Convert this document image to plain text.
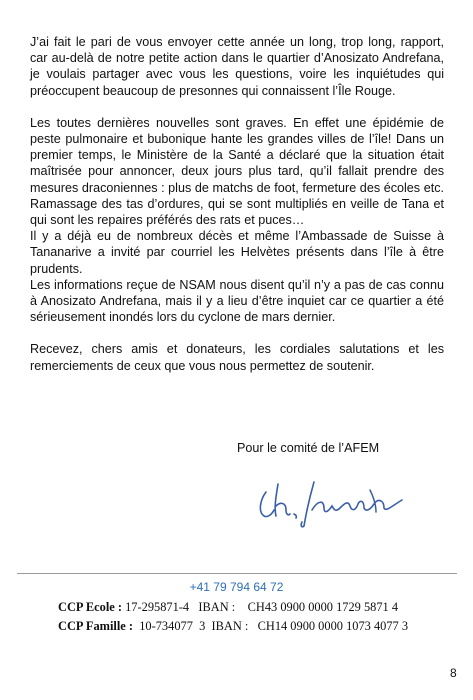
J’ai fait le pari de vous envoyer cette année un long, trop long, rapport, car au-delà de notre petite action dans le quartier d’Anosizato Andrefana, je voulais partager avec vous les questions, voire les inquiétudes qui préoccupent beaucoup de presonnes qui connaissent l’Île Rouge.

Les toutes dernières nouvelles sont graves. En effet une épidémie de peste pulmonaire et bubonique hante les grandes villes de l’île! Dans un premier temps, le Ministère de la Santé a déclaré que la situation était maîtrisée pour annoncer, deux jours plus tard, qu’il fallait prendre des mesures draconiennes : plus de matchs de foot, fermeture des écoles etc. Ramassage des tas d’ordures, qui se sont multipliés en veille de Tana et qui sont les repaires préférés des rats et puces…

Il y a déjà eu de nombreux décès et même l’Ambassade de Suisse à Tananarive a invité par courriel les Helvètes présents dans l’île à être prudents.

Les informations reçue de NSAM nous disent qu’il n’y a pas de cas connu à Anosizato Andrefana, mais il y a lieu d’être inquiet car ce quartier a été sérieusement inondés lors du cyclone de mars dernier.

Recevez, chers amis et donateurs, les cordiales salutations et les remerciements de ceux que vous nous permettez de soutenir.

Pour le comité de l’AFEM
+41 79 794 64 72
CCP Ecole : 17-295871-4   IBAN :    CH43 0900 0000 1729 5871 4
CCP Famille :  10-734077  3  IBAN :   CH14 0900 0000 1073 4077 3
8
